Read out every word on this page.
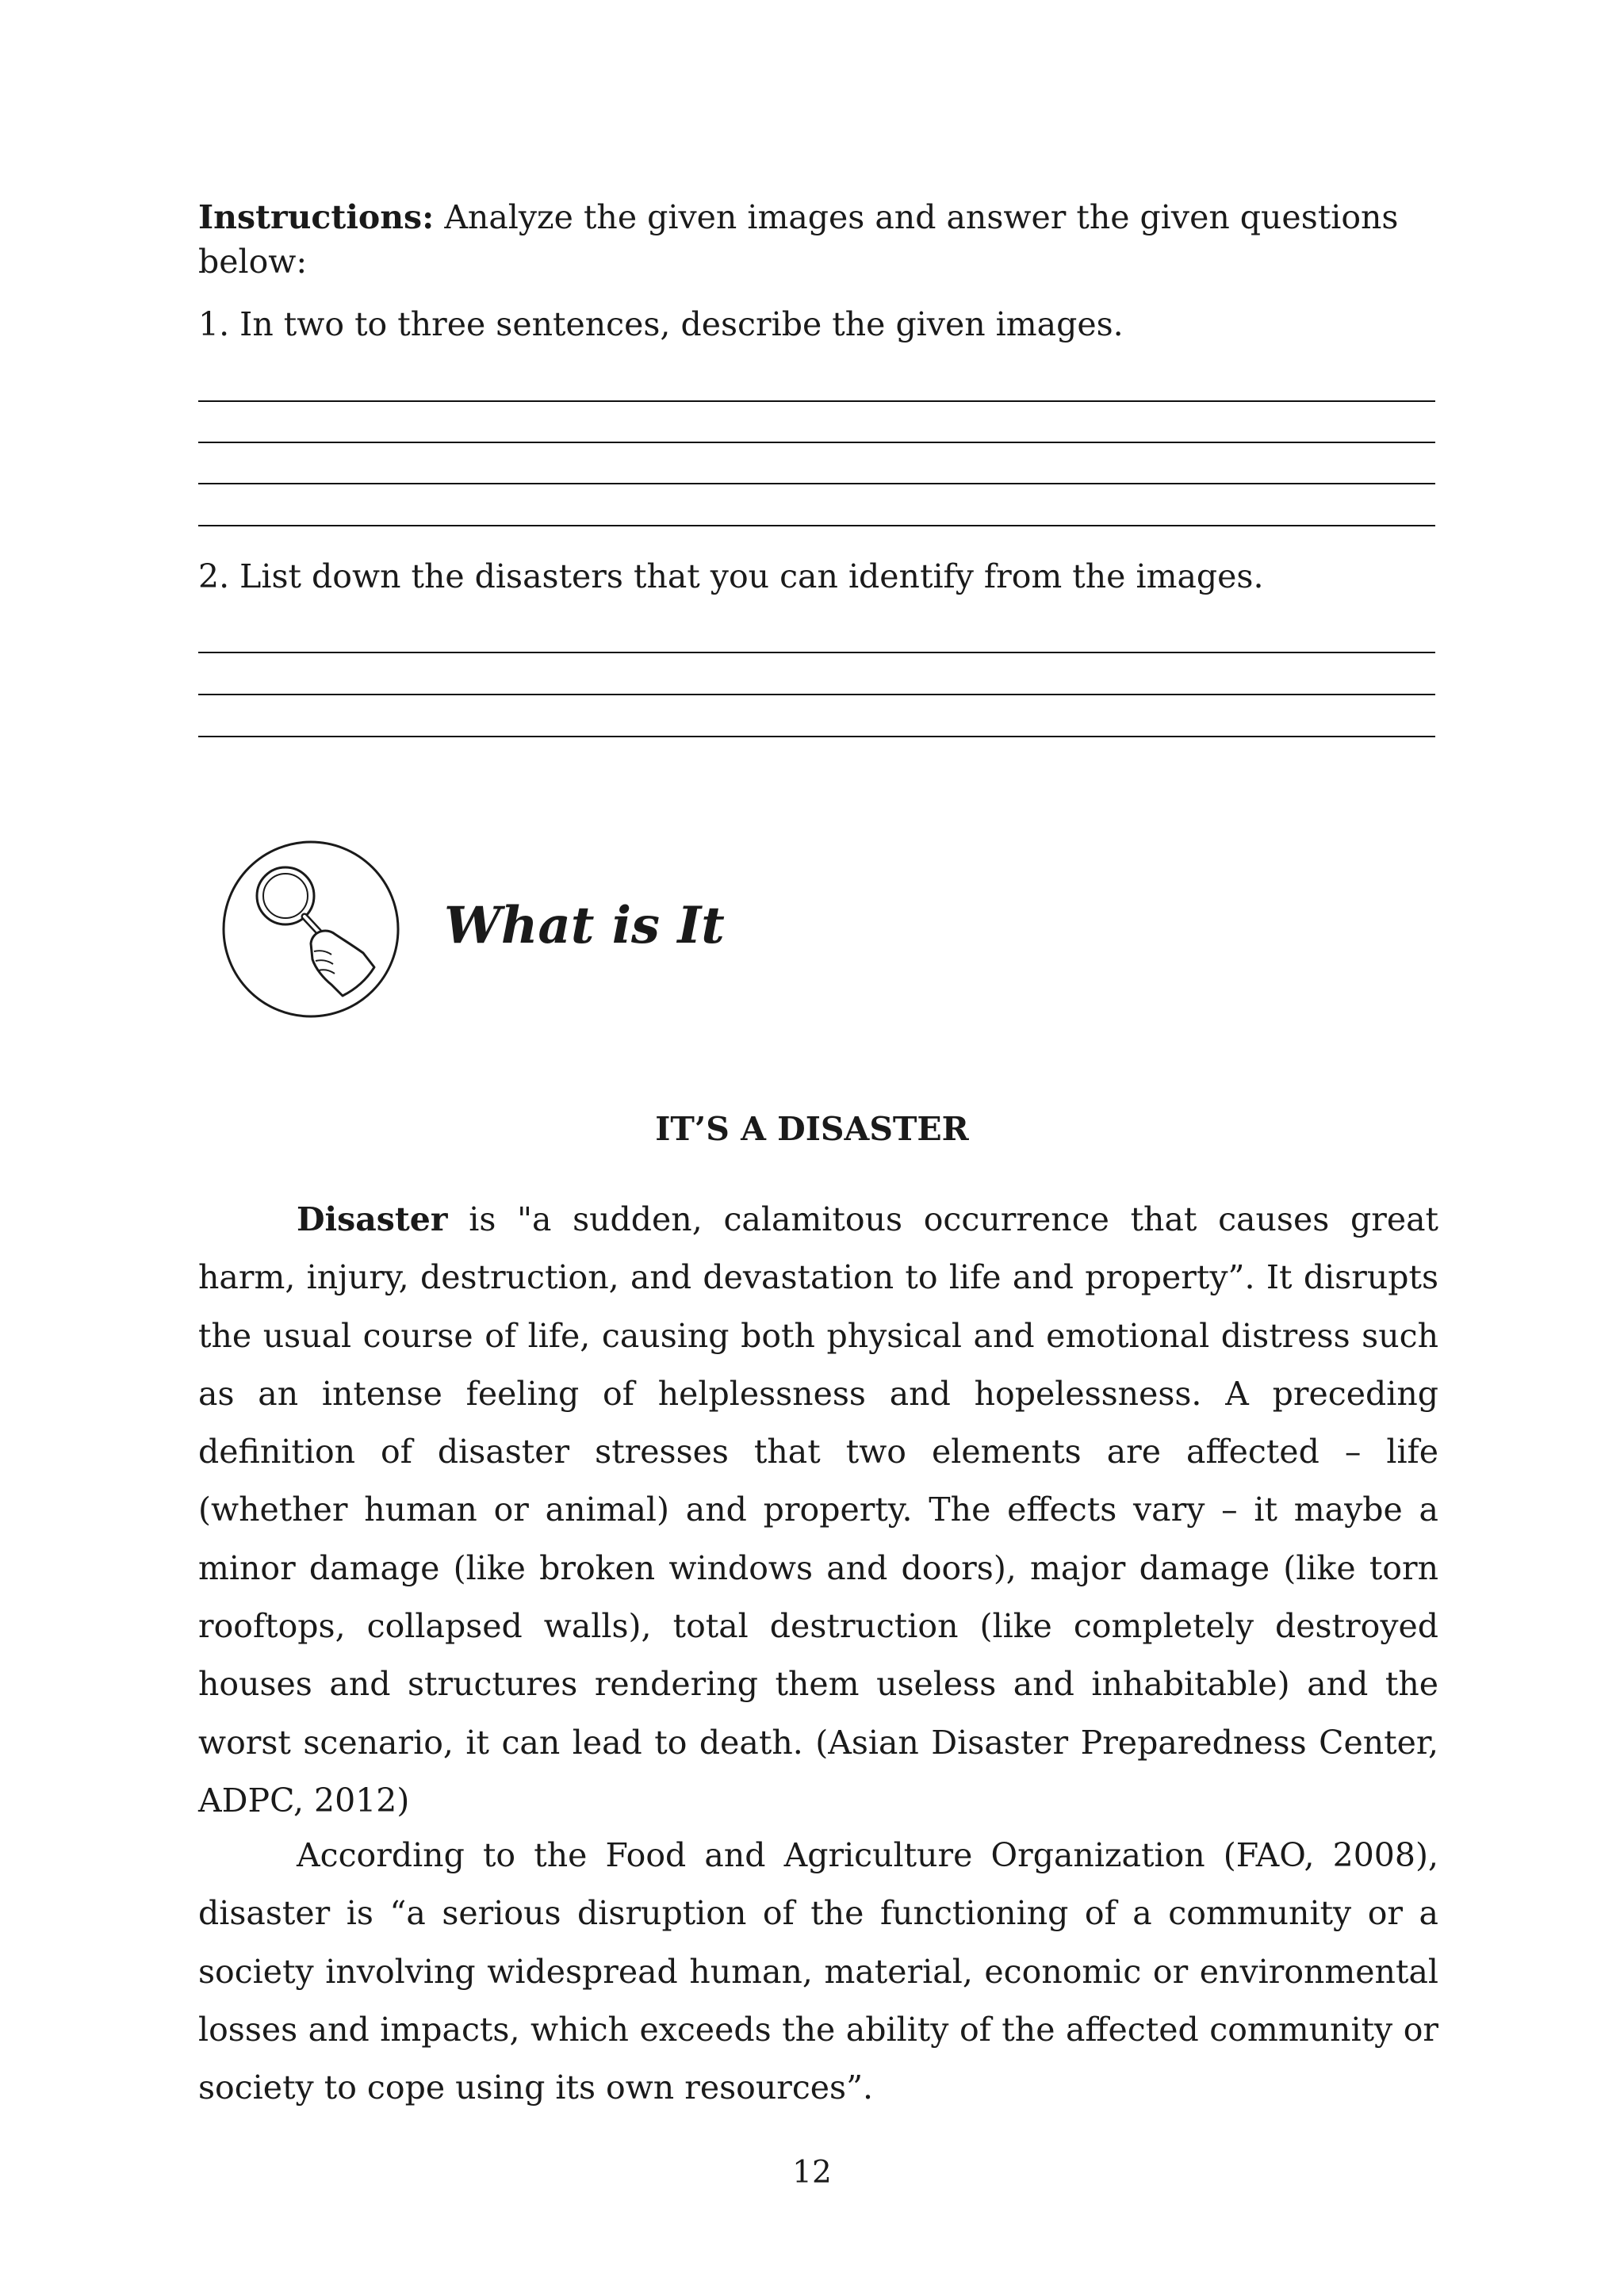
Instructions: Analyze the given images and answer the given questions below:
1. In two to three sentences, describe the given images.
2. List down the disasters that you can identify from the images.
What is It
IT’S A DISASTER

Disaster is "a sudden, calamitous occurrence that causes great harm, injury, destruction, and devastation to life and property”. It disrupts the usual course of life, causing both physical and emotional distress such as an intense feeling of helplessness and hopelessness. A preceding definition of disaster stresses that two elements are affected – life (whether human or animal) and property. The effects vary – it maybe a minor damage (like broken windows and doors), major damage (like torn rooftops, collapsed walls), total destruction (like completely destroyed houses and structures rendering them useless and inhabitable) and the worst scenario, it can lead to death. (Asian Disaster Preparedness Center, ADPC, 2012)

According to the Food and Agriculture Organization (FAO, 2008), disaster is “a serious disruption of the functioning of a community or a society involving widespread human, material, economic or environmental losses and impacts, which exceeds the ability of the affected community or society to cope using its own resources”.

12
